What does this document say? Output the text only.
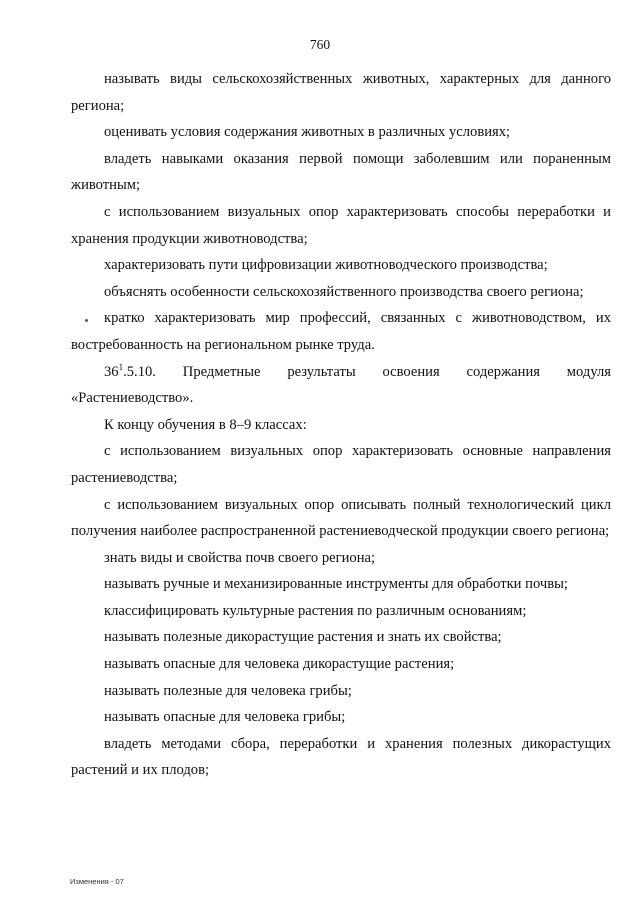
760

называть виды сельскохозяйственных животных, характерных для данного региона;

оценивать условия содержания животных в различных условиях;

владеть навыками оказания первой помощи заболевшим или пораненным животным;

с использованием визуальных опор характеризовать способы переработки и хранения продукции животноводства;

характеризовать пути цифровизации животноводческого производства;

объяснять особенности сельскохозяйственного производства своего региона;

кратко характеризовать мир профессий, связанных с животноводством, их востребованность на региональном рынке труда.

$36^1.5.10$. Предметные результаты освоения содержания модуля «Растениеводство».

К концу обучения в 8–9 классах:

с использованием визуальных опор характеризовать основные направления растениеводства;

с использованием визуальных опор описывать полный технологический цикл получения наиболее распространенной растениеводческой продукции своего региона;

знать виды и свойства почв своего региона;

называть ручные и механизированные инструменты для обработки почвы;

классифицировать культурные растения по различным основаниям;

называть полезные дикорастущие растения и знать их свойства;

называть опасные для человека дикорастущие растения;

называть полезные для человека грибы;

называть опасные для человека грибы;

владеть методами сбора, переработки и хранения полезных дикорастущих растений и их плодов;

Изменения - 07
